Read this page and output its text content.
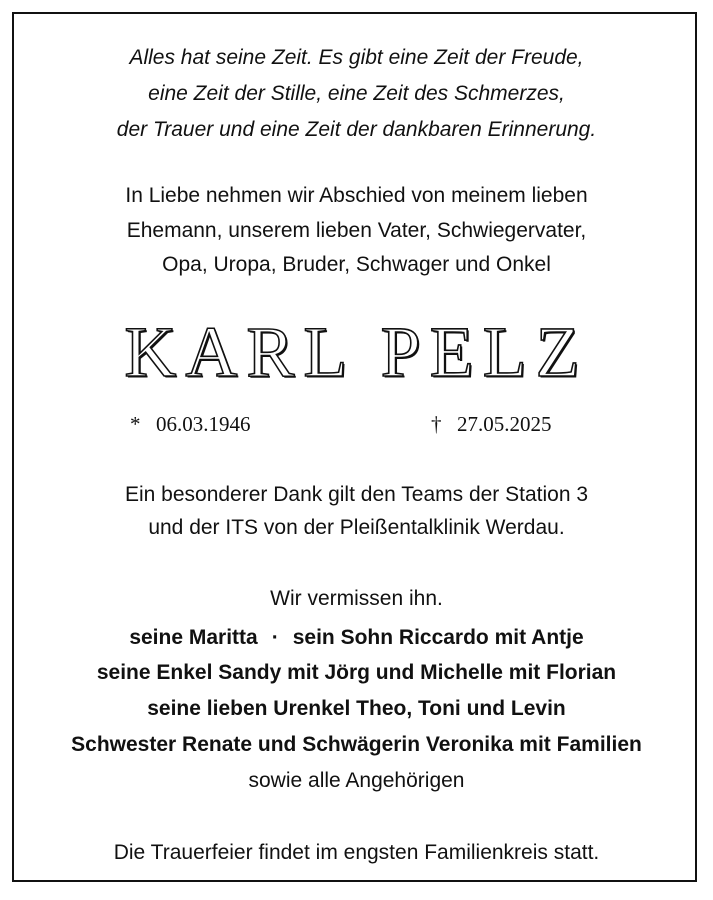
Alles hat seine Zeit. Es gibt eine Zeit der Freude,
eine Zeit der Stille, eine Zeit des Schmerzes,
der Trauer und eine Zeit der dankbaren Erinnerung.
In Liebe nehmen wir Abschied von meinem lieben
Ehemann, unserem lieben Vater, Schwiegervater,
Opa, Uropa, Bruder, Schwager und Onkel
KARL PELZ
* 06.03.1946	† 27.05.2025
Ein besonderer Dank gilt den Teams der Station 3
und der ITS von der Pleißentalklinik Werdau.
Wir vermissen ihn.
seine Maritta · sein Sohn Riccardo mit Antje
seine Enkel Sandy mit Jörg und Michelle mit Florian
seine lieben Urenkel Theo, Toni und Levin
Schwester Renate und Schwägerin Veronika mit Familien
sowie alle Angehörigen
Die Trauerfeier findet im engsten Familienkreis statt.
